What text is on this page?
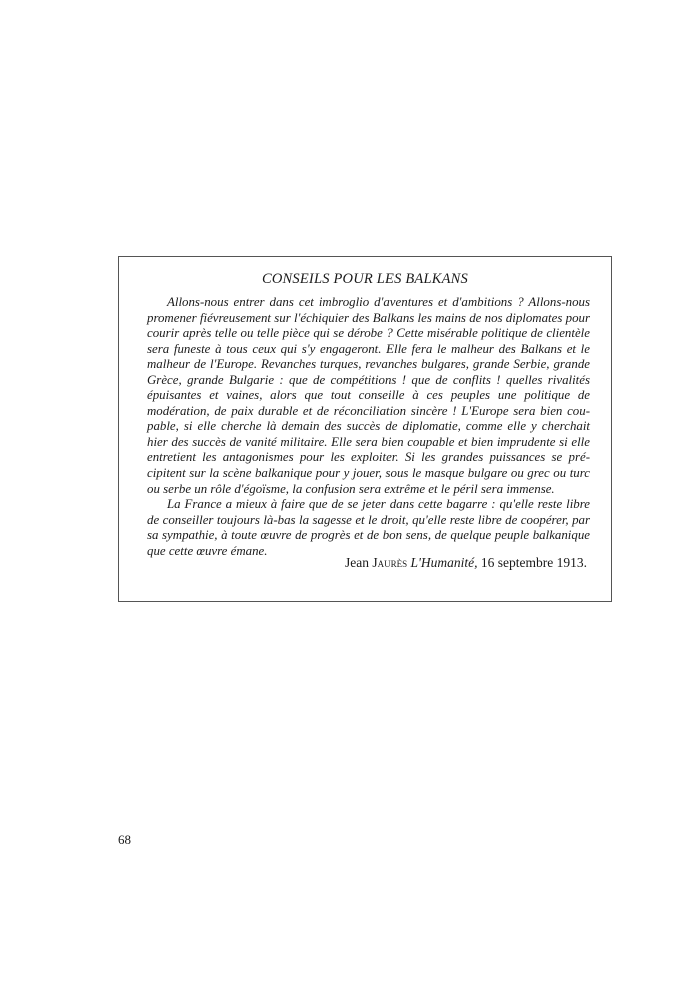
CONSEILS POUR LES BALKANS

Allons-nous entrer dans cet imbroglio d'aventures et d'ambitions ? Allons-nous promener fiévreusement sur l'échiquier des Balkans les mains de nos diplomates pour courir après telle ou telle pièce qui se dérobe ? Cette misérable politique de clientèle sera funeste à tous ceux qui s'y engageront. Elle fera le malheur des Balkans et le malheur de l'Europe. Revanches turques, revanches bulgares, grande Serbie, grande Grèce, grande Bulgarie : que de compétitions ! que de conflits ! quelles rivalités épuisantes et vaines, alors que tout conseille à ces peuples une politique de modération, de paix durable et de réconciliation sincère ! L'Europe sera bien coupable, si elle cherche là demain des succès de diplomatie, comme elle y cherchait hier des succès de vanité militaire. Elle sera bien coupable et bien imprudente si elle entretient les antagonismes pour les exploiter. Si les grandes puissances se précipitent sur la scène balkanique pour y jouer, sous le masque bulgare ou grec ou turc ou serbe un rôle d'égoïsme, la confusion sera extrême et le péril sera immense.

La France a mieux à faire que de se jeter dans cette bagarre : qu'elle reste libre de conseiller toujours là-bas la sagesse et le droit, qu'elle reste libre de coopérer, par sa sympathie, à toute œuvre de progrès et de bon sens, de quelque peuple balkanique que cette œuvre émane.

Jean Jaurès L'Humanité, 16 septembre 1913.
68
